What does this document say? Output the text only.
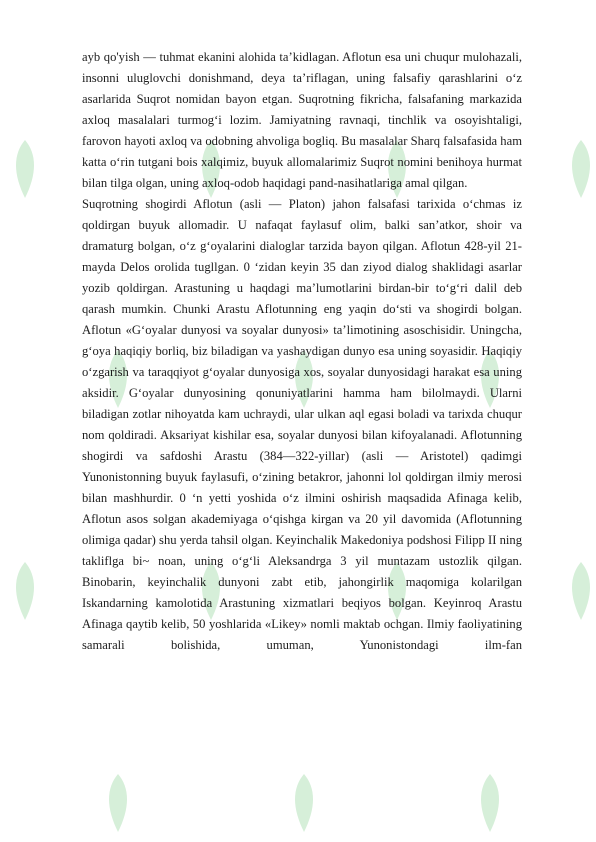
ayb qo'yish — tuhmat ekanini alohida ta’kidlagan. Aflotun esa uni chuqur mulohazali, insonni uluglovchi donishmand, deya ta’riflagan, uning falsafiy qarashlarini o‘z asarlarida Suqrot nomidan bayon etgan. Suqrotning fikricha, falsafaning markazida axloq masalalari turmog‘i lozim. Jamiyatning ravnaqi, tinchlik va osoyishtaligi, farovon hayoti axloq va odobning ahvoliga bogliq. Bu masalalar Sharq falsafasida ham katta o‘rin tutgani bois xalqimiz, buyuk allomalarimiz Suqrot nomini benihoya hurmat bilan tilga olgan, uning axloq-odob haqidagi pand-nasihatlariga amal qilgan.

Suqrotning shogirdi Aflotun (asli — Platon) jahon falsafasi tarixida o‘chmas iz qoldirgan buyuk allomadir. U nafaqat faylasuf olim, balki san’atkor, shoir va dramaturg bolgan, o‘z g‘oyalarini dialoglar tarzida bayon qilgan. Aflotun 428-yil 21-mayda Delos orolida tugllgan. 0 ‘zidan keyin 35 dan ziyod dialog shaklidagi asarlar yozib qoldirgan. Arastuning u haqdagi ma’lumotlarini birdan-bir to‘g‘ri dalil deb qarash mumkin. Chunki Arastu Aflotunning eng yaqin do‘sti va shogirdi bolgan. Aflotun «G‘oyalar dunyosi va soyalar dunyosi» ta’limotining asoschisidir. Uningcha, g‘oya haqiqiy borliq, biz biladigan va yashaydigan dunyo esa uning soyasidir. Haqiqiy o‘zgarish va taraqqiyot g‘oyalar dunyosiga xos, soyalar dunyosidagi harakat esa uning aksidir. G‘oyalar dunyosining qonuniyatlarini hamma ham bilolmaydi. Ularni biladigan zotlar nihoyatda kam uchraydi, ular ulkan aql egasi boladi va tarixda chuqur nom qoldiradi. Aksariyat kishilar esa, soyalar dunyosi bilan kifoyalanadi. Aflotunning shogirdi va safdoshi Arastu (384—322-yillar) (asli — Aristotel) qadimgi Yunonistonning buyuk faylasufi, o‘zining betakror, jahonni lol qoldirgan ilmiy merosi bilan mashhurdir. 0 ‘n yetti yoshida o‘z ilmini oshirish maqsadida Afinaga kelib, Aflotun asos solgan akademiyaga o‘qishga kirgan va 20 yil davomida (Aflotunning olimiga qadar) shu yerda tahsil olgan. Keyinchalik Makedoniya podshosi Filipp II ning takliflga bi~ noan, uning o‘g‘li Aleksandrga 3 yil muntazam ustozlik qilgan. Binobarin, keyinchalik dunyoni zabt etib, jahongirlik maqomiga kolarilgan Iskandarning kamolotida Arastuning xizmatlari beqiyos bolgan. Keyinroq Arastu Afinaga qaytib kelib, 50 yoshlarida «Likey» nomli maktab ochgan. Ilmiy faoliyatining samarali bolishida, umuman, Yunonistondagi ilm-fan
